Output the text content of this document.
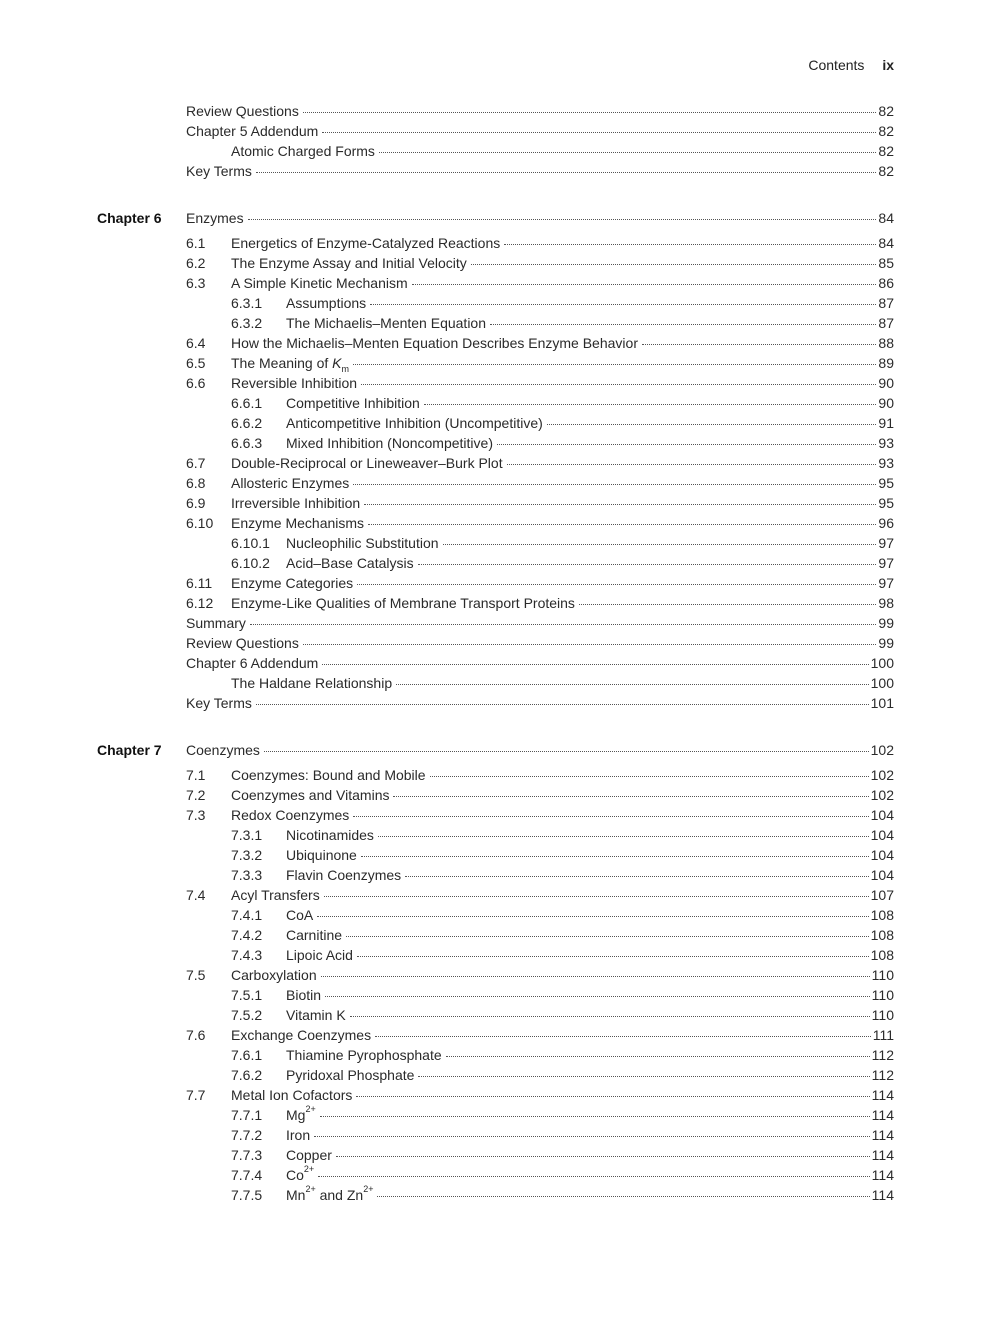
Contents ix
Review Questions	82
Chapter 5 Addendum	82
Atomic Charged Forms	82
Key Terms	82
Chapter 6 Enzymes	84
6.1 Energetics of Enzyme-Catalyzed Reactions	84
6.2 The Enzyme Assay and Initial Velocity	85
6.3 A Simple Kinetic Mechanism	86
6.3.1 Assumptions	87
6.3.2 The Michaelis–Menten Equation	87
6.4 How the Michaelis–Menten Equation Describes Enzyme Behavior	88
6.5 The Meaning of $K_m$	89
6.6 Reversible Inhibition	90
6.6.1 Competitive Inhibition	90
6.6.2 Anticompetitive Inhibition (Uncompetitive)	91
6.6.3 Mixed Inhibition (Noncompetitive)	93
6.7 Double-Reciprocal or Lineweaver–Burk Plot	93
6.8 Allosteric Enzymes	95
6.9 Irreversible Inhibition	95
6.10 Enzyme Mechanisms	96
6.10.1 Nucleophilic Substitution	97
6.10.2 Acid–Base Catalysis	97
6.11 Enzyme Categories	97
6.12 Enzyme-Like Qualities of Membrane Transport Proteins	98
Summary	99
Review Questions	99
Chapter 6 Addendum	100
The Haldane Relationship	100
Key Terms	101
Chapter 7 Coenzymes	102
7.1 Coenzymes: Bound and Mobile	102
7.2 Coenzymes and Vitamins	102
7.3 Redox Coenzymes	104
7.3.1 Nicotinamides	104
7.3.2 Ubiquinone	104
7.3.3 Flavin Coenzymes	104
7.4 Acyl Transfers	107
7.4.1 CoA	108
7.4.2 Carnitine	108
7.4.3 Lipoic Acid	108
7.5 Carboxylation	110
7.5.1 Biotin	110
7.5.2 Vitamin K	110
7.6 Exchange Coenzymes	111
7.6.1 Thiamine Pyrophosphate	112
7.6.2 Pyridoxal Phosphate	112
7.7 Metal Ion Cofactors	114
7.7.1 $Mg^{2+}$	114
7.7.2 Iron	114
7.7.3 Copper	114
7.7.4 $Co^{2+}$	114
7.7.5 $Mn^{2+}$ and $Zn^{2+}$	114
